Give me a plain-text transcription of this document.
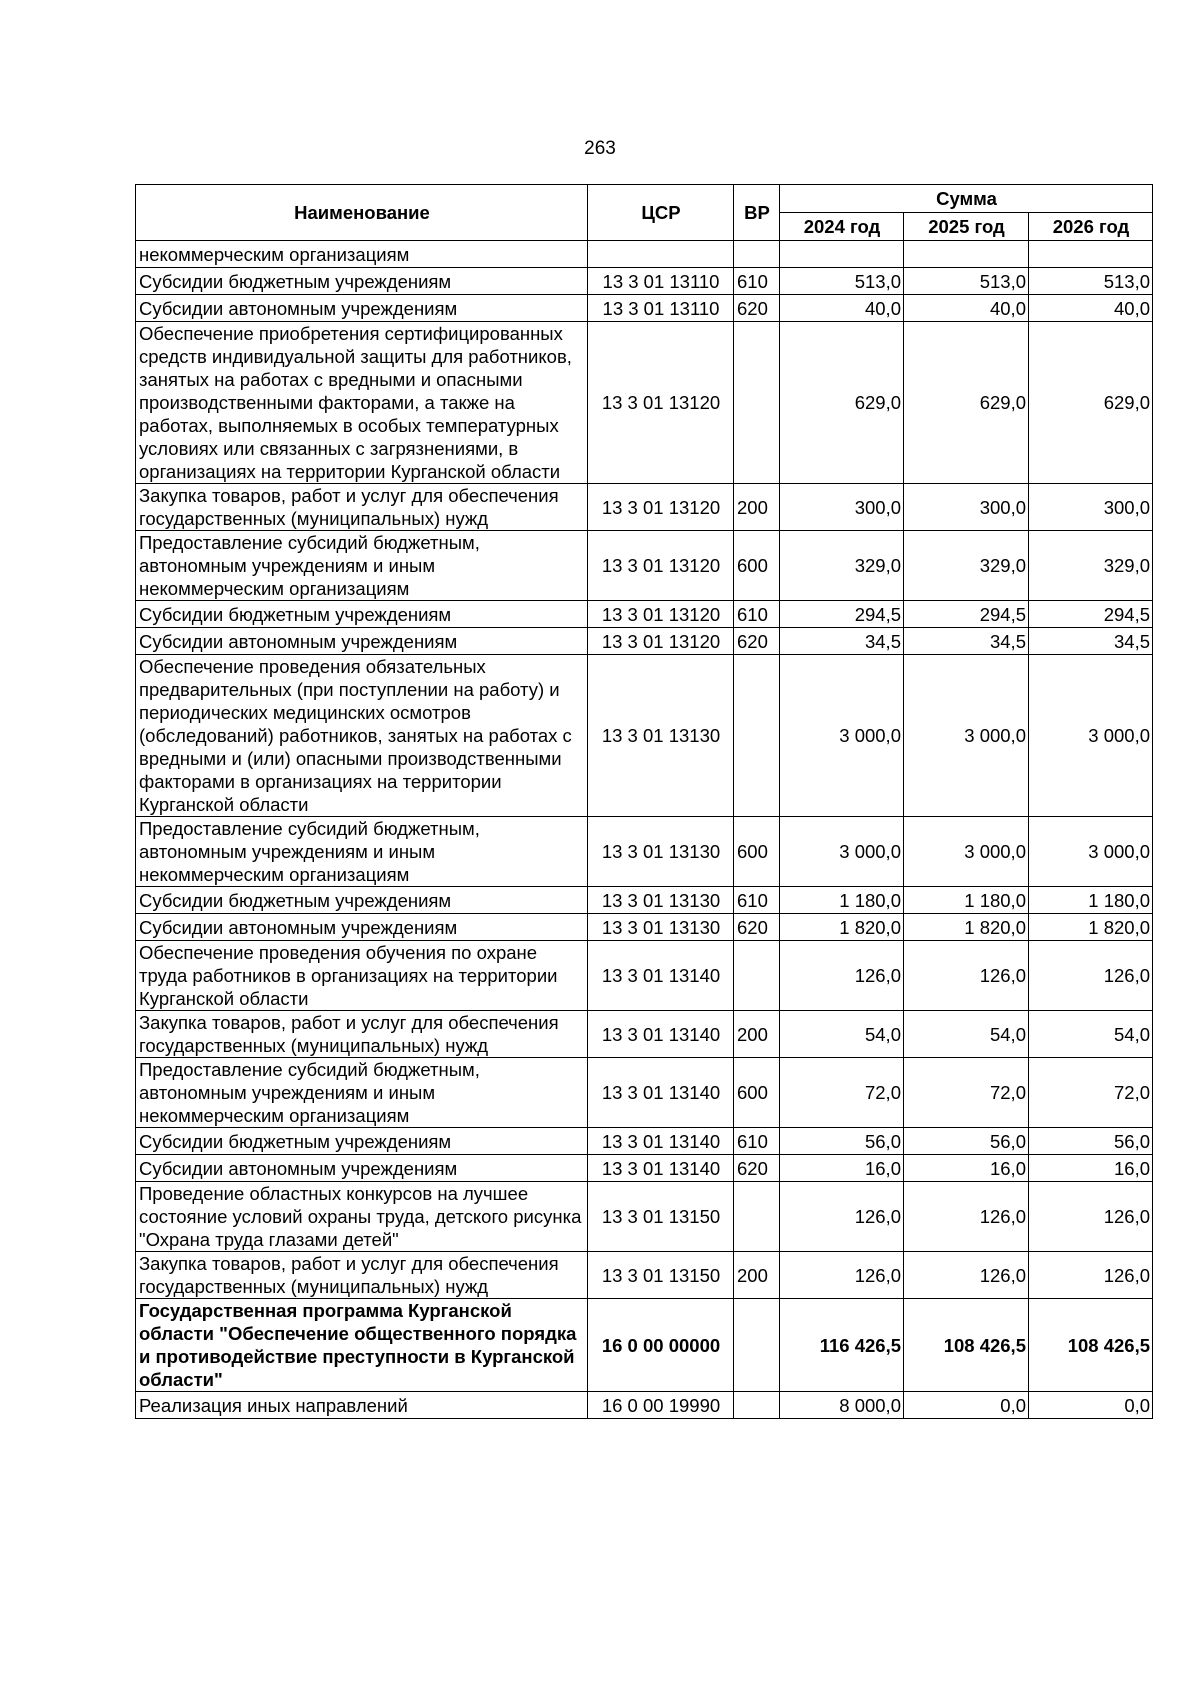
263
Наименование	ЦСР	ВР	Сумма		
			2024 год	2025 год	2026 год
некоммерческим организациям					
Субсидии бюджетным учреждениям	13 3 01 13110	610	513,0	513,0	513,0
Субсидии автономным учреждениям	13 3 01 13110	620	40,0	40,0	40,0
Обеспечение приобретения сертифицированных средств индивидуальной защиты для работников, занятых на работах с вредными и опасными производственными факторами, а также на работах, выполняемых в особых температурных условиях или связанных с загрязнениями, в организациях на территории Курганской области	13 3 01 13120		629,0	629,0	629,0
Закупка товаров, работ и услуг для обеспечения государственных (муниципальных) нужд	13 3 01 13120	200	300,0	300,0	300,0
Предоставление субсидий бюджетным, автономным учреждениям и иным некоммерческим организациям	13 3 01 13120	600	329,0	329,0	329,0
Субсидии бюджетным учреждениям	13 3 01 13120	610	294,5	294,5	294,5
Субсидии автономным учреждениям	13 3 01 13120	620	34,5	34,5	34,5
Обеспечение проведения обязательных предварительных (при поступлении на работу) и периодических медицинских осмотров (обследований) работников, занятых на работах с вредными и (или) опасными производственными факторами в организациях на территории Курганской области	13 3 01 13130		3 000,0	3 000,0	3 000,0
Предоставление субсидий бюджетным, автономным учреждениям и иным некоммерческим организациям	13 3 01 13130	600	3 000,0	3 000,0	3 000,0
Субсидии бюджетным учреждениям	13 3 01 13130	610	1 180,0	1 180,0	1 180,0
Субсидии автономным учреждениям	13 3 01 13130	620	1 820,0	1 820,0	1 820,0
Обеспечение проведения обучения по охране труда работников в организациях на территории Курганской области	13 3 01 13140		126,0	126,0	126,0
Закупка товаров, работ и услуг для обеспечения государственных (муниципальных) нужд	13 3 01 13140	200	54,0	54,0	54,0
Предоставление субсидий бюджетным, автономным учреждениям и иным некоммерческим организациям	13 3 01 13140	600	72,0	72,0	72,0
Субсидии бюджетным учреждениям	13 3 01 13140	610	56,0	56,0	56,0
Субсидии автономным учреждениям	13 3 01 13140	620	16,0	16,0	16,0
Проведение областных конкурсов на лучшее состояние условий охраны труда, детского рисунка "Охрана труда глазами детей"	13 3 01 13150		126,0	126,0	126,0
Закупка товаров, работ и услуг для обеспечения государственных (муниципальных) нужд	13 3 01 13150	200	126,0	126,0	126,0
Государственная программа Курганской области "Обеспечение общественного порядка и противодействие преступности в Курганской области"	16 0 00 00000		116 426,5	108 426,5	108 426,5
Реализация иных направлений	16 0 00 19990		8 000,0	0,0	0,0
